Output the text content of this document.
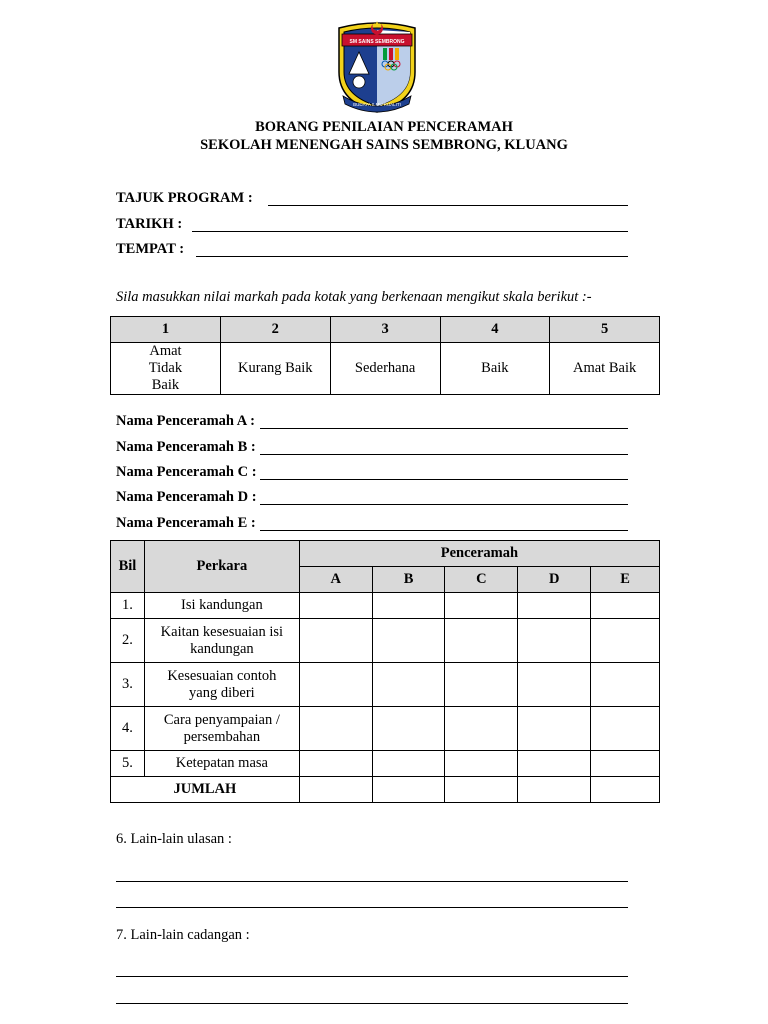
SM SAINS SEMBRONG
BUDAYA ILMU KUALITI
BORANG PENILAIAN PENCERAMAH
SEKOLAH MENENGAH SAINS SEMBRONG, KLUANG
TAJUK PROGRAM :
TARIKH :
TEMPAT :
Sila masukkan nilai markah pada kotak yang berkenaan mengikut skala berikut :-
1	2	3	4	5

Amat Tidak Baik	Kurang Baik	Sederhana	Baik	Amat Baik
Nama Penceramah A :
Nama Penceramah B :
Nama Penceramah C :
Nama Penceramah D :
Nama Penceramah E :
Bil	Perkara	Penceramah				
		A	B	C	D	E
1.	Isi kandungan					
2.	Kaitan kesesuaian isi kandungan					

3.	Kesesuaian contoh yang diberi					

4.	Cara penyampaian / persembahan					

5.	Ketepatan masa					
JUMLAH						
6. Lain-lain ulasan :
7. Lain-lain cadangan :
